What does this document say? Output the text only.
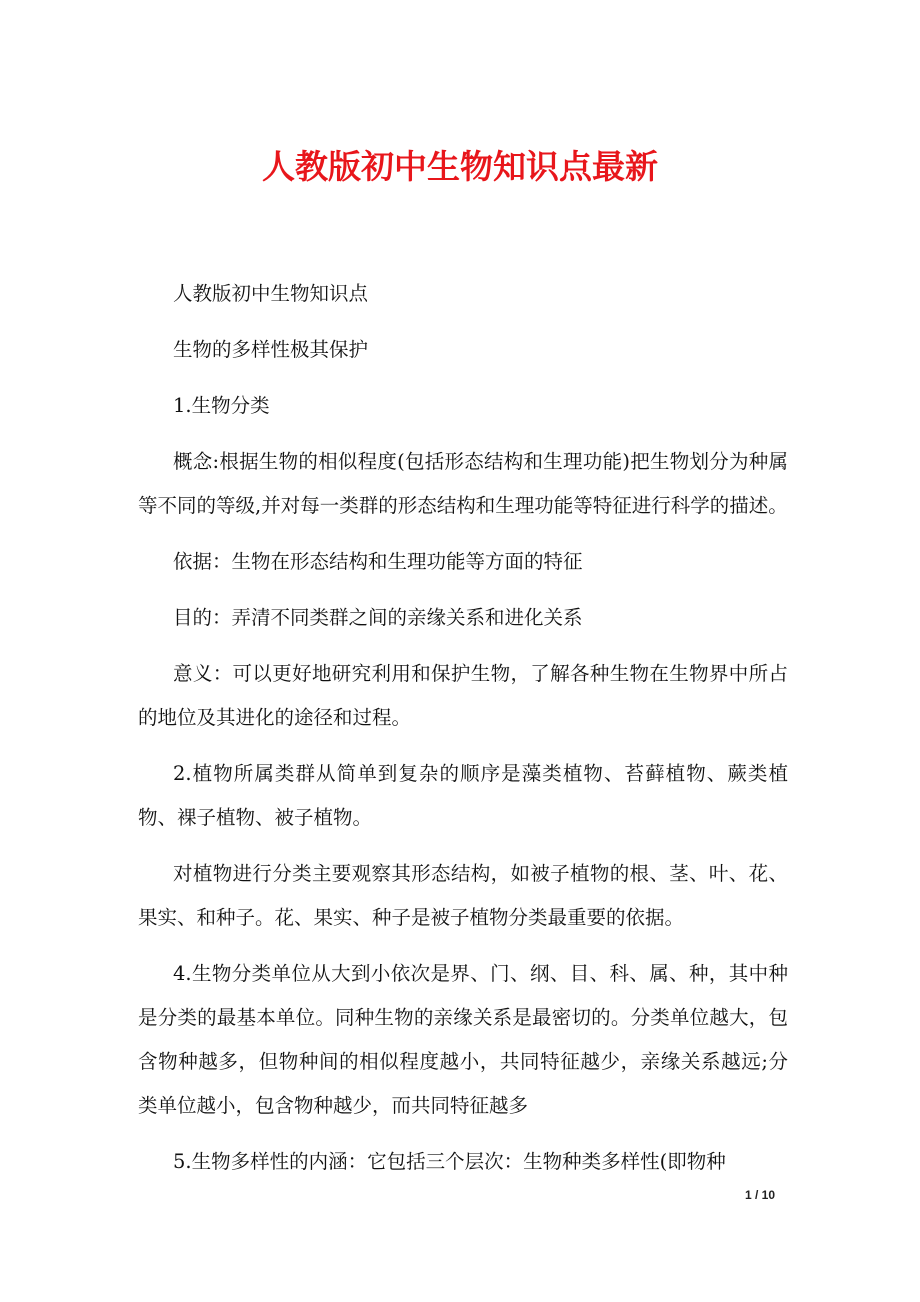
人教版初中生物知识点最新

人教版初中生物知识点

生物的多样性极其保护

1.生物分类

概念:根据生物的相似程度(包括形态结构和生理功能)把生物划分为种属等不同的等级,并对每一类群的形态结构和生理功能等特征进行科学的描述。

依据：生物在形态结构和生理功能等方面的特征

目的：弄清不同类群之间的亲缘关系和进化关系

意义：可以更好地研究利用和保护生物，了解各种生物在生物界中所占的地位及其进化的途径和过程。

2.植物所属类群从简单到复杂的顺序是藻类植物、苔藓植物、蕨类植物、裸子植物、被子植物。

对植物进行分类主要观察其形态结构，如被子植物的根、茎、叶、花、果实、和种子。花、果实、种子是被子植物分类最重要的依据。

4.生物分类单位从大到小依次是界、门、纲、目、科、属、种，其中种是分类的最基本单位。同种生物的亲缘关系是最密切的。分类单位越大，包含物种越多，但物种间的相似程度越小，共同特征越少，亲缘关系越远;分类单位越小，包含物种越少，而共同特征越多

5.生物多样性的内涵：它包括三个层次：生物种类多样性(即物种

1 / 10
